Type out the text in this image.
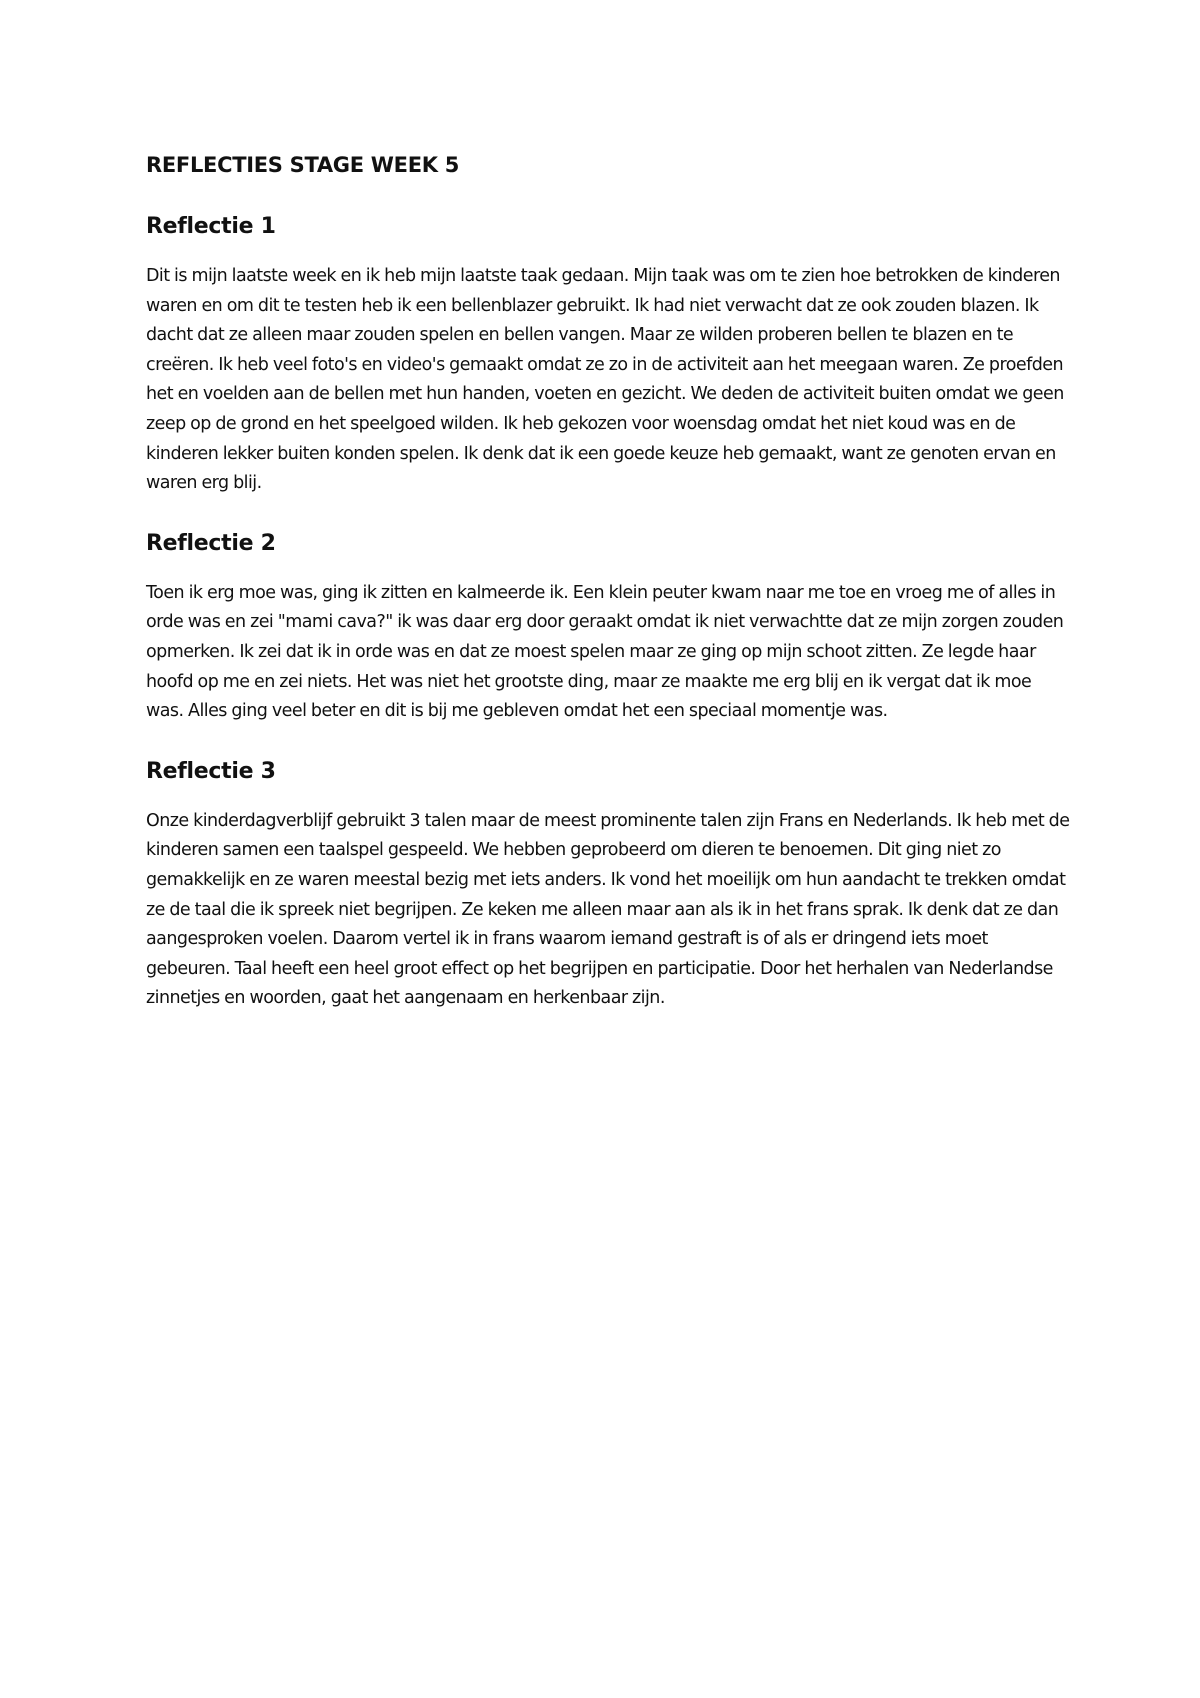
REFLECTIES STAGE WEEK 5
Reflectie 1

Dit is mijn laatste week en ik heb mijn laatste taak gedaan. Mijn taak was om te zien hoe betrokken de kinderen waren en om dit te testen heb ik een bellenblazer gebruikt. Ik had niet verwacht dat ze ook zouden blazen. Ik dacht dat ze alleen maar zouden spelen en bellen vangen. Maar ze wilden proberen bellen te blazen en te creëren. Ik heb veel foto's en video's gemaakt omdat ze zo in de activiteit aan het meegaan waren. Ze proefden het en voelden aan de bellen met hun handen, voeten en gezicht. We deden de activiteit buiten omdat we geen zeep op de grond en het speelgoed wilden. Ik heb gekozen voor woensdag omdat het niet koud was en de kinderen lekker buiten konden spelen. Ik denk dat ik een goede keuze heb gemaakt, want ze genoten ervan en waren erg blij.

Reflectie 2

Toen ik erg moe was, ging ik zitten en kalmeerde ik. Een klein peuter kwam naar me toe en vroeg me of alles in orde was en zei "mami cava?" ik was daar erg door geraakt omdat ik niet verwachtte dat ze mijn zorgen zouden opmerken. Ik zei dat ik in orde was en dat ze moest spelen maar ze ging op mijn schoot zitten. Ze legde haar hoofd op me en zei niets. Het was niet het grootste ding, maar ze maakte me erg blij en ik vergat dat ik moe was. Alles ging veel beter en dit is bij me gebleven omdat het een speciaal momentje was.

Reflectie 3

Onze kinderdagverblijf gebruikt 3 talen maar de meest prominente talen zijn Frans en Nederlands. Ik heb met de kinderen samen een taalspel gespeeld. We hebben geprobeerd om dieren te benoemen. Dit ging niet zo gemakkelijk en ze waren meestal bezig met iets anders. Ik vond het moeilijk om hun aandacht te trekken omdat ze de taal die ik spreek niet begrijpen. Ze keken me alleen maar aan als ik in het frans sprak. Ik denk dat ze dan aangesproken voelen. Daarom vertel ik in frans waarom iemand gestraft is of als er dringend iets moet gebeuren. Taal heeft een heel groot effect op het begrijpen en participatie. Door het herhalen van Nederlandse zinnetjes en woorden, gaat het aangenaam en herkenbaar zijn.
